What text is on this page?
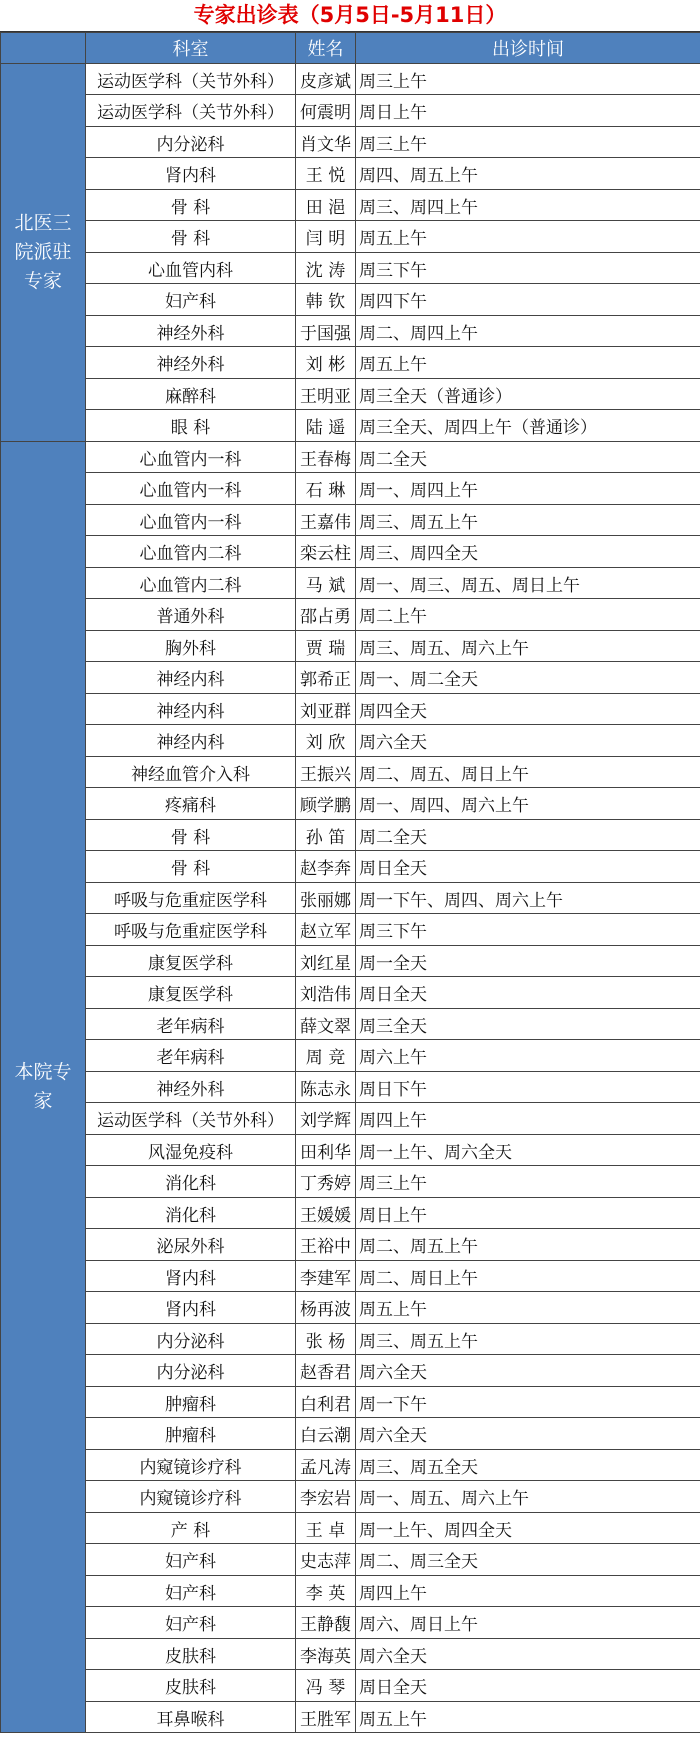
专家出诊表（5月5日-5月11日）
	科室	姓名	出诊时间
北医三院派驻专家	运动医学科（关节外科）	皮彦斌	周三上午
	运动医学科（关节外科）	何震明	周日上午
	内分泌科	肖文华	周三上午
	肾内科	王 悦	周四、周五上午
	骨 科	田 浥	周三、周四上午
	骨 科	闫 明	周五上午
	心血管内科	沈 涛	周三下午
	妇产科	韩 钦	周四下午
	神经外科	于国强	周二、周四上午
	神经外科	刘 彬	周五上午
	麻醉科	王明亚	周三全天（普通诊）
	眼 科	陆 遥	周三全天、周四上午（普通诊）
本院专家	心血管内一科	王春梅	周二全天
	心血管内一科	石 琳	周一、周四上午
	心血管内一科	王嘉伟	周三、周五上午
	心血管内二科	栾云柱	周三、周四全天
	心血管内二科	马 斌	周一、周三、周五、周日上午
	普通外科	邵占勇	周二上午
	胸外科	贾 瑞	周三、周五、周六上午
	神经内科	郭希正	周一、周二全天
	神经内科	刘亚群	周四全天
	神经内科	刘 欣	周六全天
	神经血管介入科	王振兴	周二、周五、周日上午
	疼痛科	顾学鹏	周一、周四、周六上午
	骨 科	孙 笛	周二全天
	骨 科	赵李奔	周日全天
	呼吸与危重症医学科	张丽娜	周一下午、周四、周六上午
	呼吸与危重症医学科	赵立军	周三下午
	康复医学科	刘红星	周一全天
	康复医学科	刘浩伟	周日全天
	老年病科	薛文翠	周三全天
	老年病科	周 竞	周六上午
	神经外科	陈志永	周日下午
	运动医学科（关节外科）	刘学辉	周四上午
	风湿免疫科	田利华	周一上午、周六全天
	消化科	丁秀婷	周三上午
	消化科	王媛媛	周日上午
	泌尿外科	王裕中	周二、周五上午
	肾内科	李建军	周二、周日上午
	肾内科	杨再波	周五上午
	内分泌科	张 杨	周三、周五上午
	内分泌科	赵香君	周六全天
	肿瘤科	白利君	周一下午
	肿瘤科	白云潮	周六全天
	内窥镜诊疗科	孟凡涛	周三、周五全天
	内窥镜诊疗科	李宏岩	周一、周五、周六上午
	产 科	王 卓	周一上午、周四全天
	妇产科	史志萍	周二、周三全天
	妇产科	李 英	周四上午
	妇产科	王静馥	周六、周日上午
	皮肤科	李海英	周六全天
	皮肤科	冯 琴	周日全天
	耳鼻喉科	王胜军	周五上午
